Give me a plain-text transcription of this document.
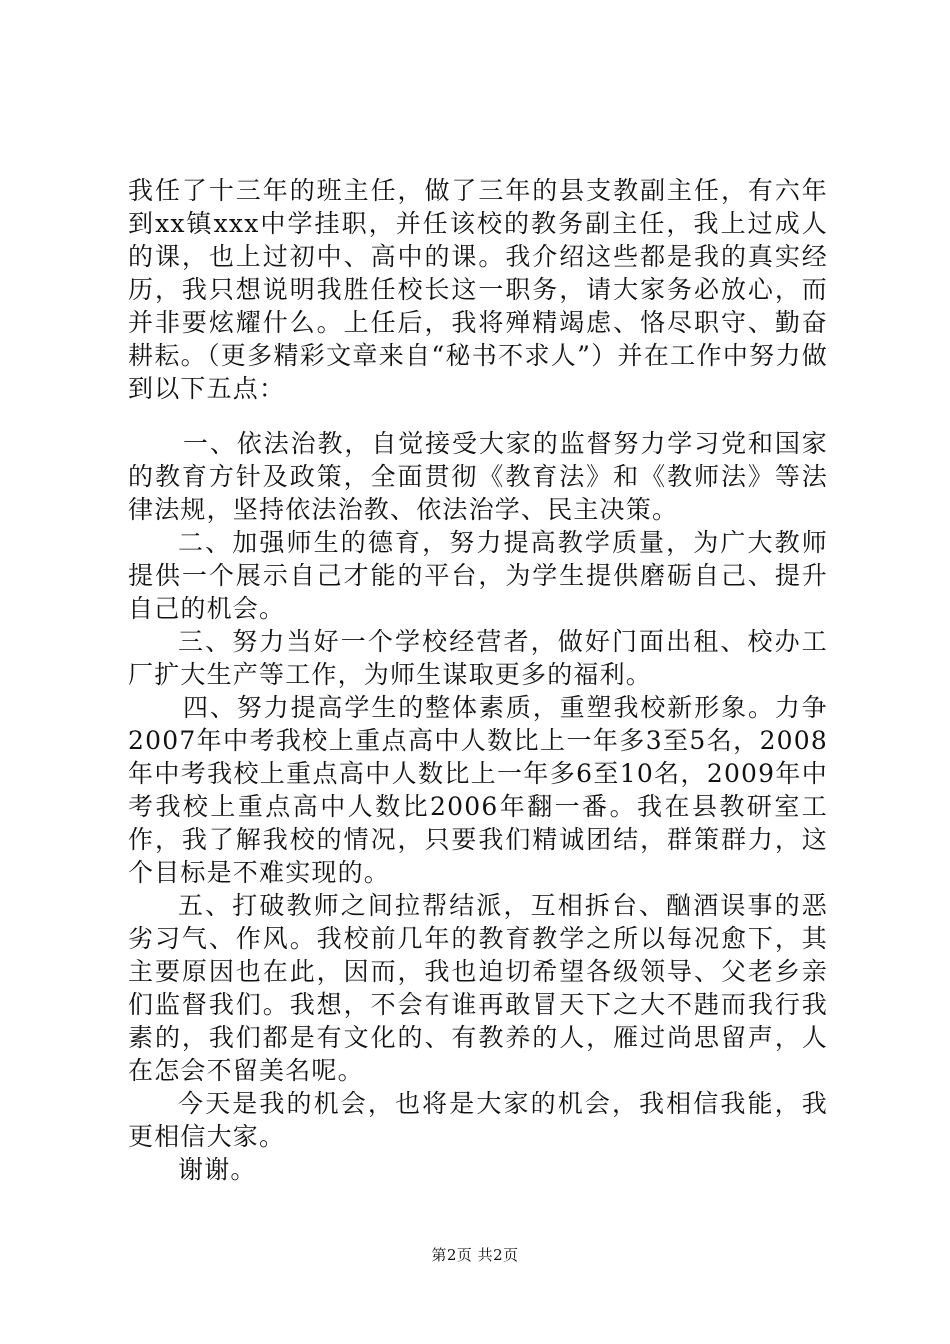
我任了十三年的班主任，做了三年的县支教副主任，有六年到xx镇xxx中学挂职，并任该校的教务副主任，我上过成人的课，也上过初中、高中的课。我介绍这些都是我的真实经历，我只想说明我胜任校长这一职务，请大家务必放心，而并非要炫耀什么。上任后，我将殚精竭虑、恪尽职守、勤奋耕耘。（更多精彩文章来自“秘书不求人”）并在工作中努力做到以下五点：

一、依法治教，自觉接受大家的监督努力学习党和国家的教育方针及政策，全面贯彻《教育法》和《教师法》等法律法规，坚持依法治教、依法治学、民主决策。

二、加强师生的德育，努力提高教学质量，为广大教师提供一个展示自己才能的平台，为学生提供磨砺自己、提升自己的机会。

三、努力当好一个学校经营者，做好门面出租、校办工厂扩大生产等工作，为师生谋取更多的福利。

四、努力提高学生的整体素质，重塑我校新形象。力争2007年中考我校上重点高中人数比上一年多3至5名，2008年中考我校上重点高中人数比上一年多6至10名，2009年中考我校上重点高中人数比2006年翻一番。我在县教研室工作，我了解我校的情况，只要我们精诚团结，群策群力，这个目标是不难实现的。

五、打破教师之间拉帮结派，互相拆台、酗酒误事的恶劣习气、作风。我校前几年的教育教学之所以每况愈下，其主要原因也在此，因而，我也迫切希望各级领导、父老乡亲们监督我们。我想，不会有谁再敢冒天下之大不韪而我行我素的，我们都是有文化的、有教养的人，雁过尚思留声，人在怎会不留美名呢。

今天是我的机会，也将是大家的机会，我相信我能，我更相信大家。

谢谢。

第2页 共2页
